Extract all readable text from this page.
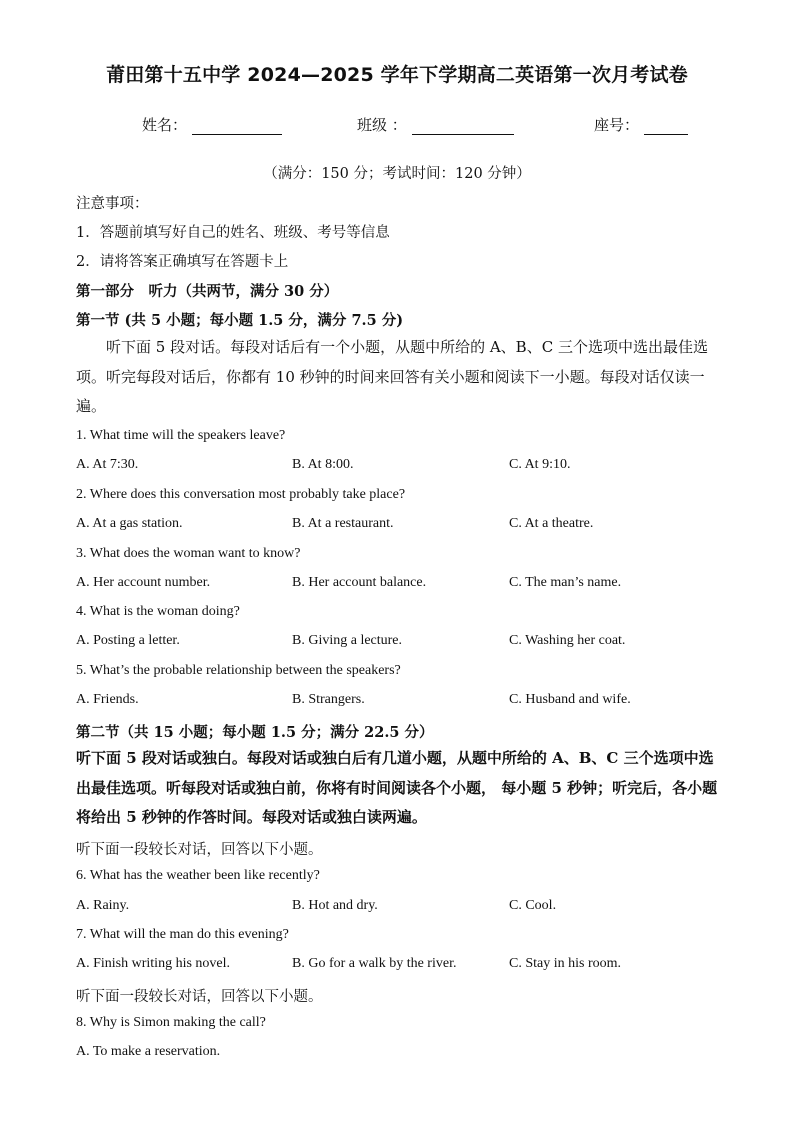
莆田第十五中学 2024—2025 学年下学期高二英语第一次月考试卷
姓名：	班级 ：	座号：
（满分：150 分；考试时间：120 分钟）
注意事项：
1．答题前填写好自己的姓名、班级、考号等信息
2．请将答案正确填写在答题卡上
第一部分　听力（共两节，满分 30 分）
第一节 (共 5 小题；每小题 1.5 分，满分 7.5 分)
听下面 5 段对话。每段对话后有一个小题，从题中所给的 A、B、C 三个选项中选出最佳选项。听完每段对话后，你都有 10 秒钟的时间来回答有关小题和阅读下一小题。每段对话仅读一遍。
1. What time will the speakers leave?
A. At 7:30.	B. At 8:00.	C. At 9:10.
2. Where does this conversation most probably take place?
A. At a gas station.	B. At a restaurant.	C. At a theatre.
3. What does the woman want to know?
A. Her account number.	B. Her account balance.	C. The man’s name.
4. What is the woman doing?
A. Posting a letter.	B. Giving a lecture.	C. Washing her coat.
5. What’s the probable relationship between the speakers?
A. Friends.	B. Strangers.	C. Husband and wife.
第二节（共 15 小题；每小题 1.5 分；满分 22.5 分）
听下面 5 段对话或独白。每段对话或独白后有几道小题，从题中所给的 A、B、C 三个选项中选出最佳选项。听每段对话或独白前，你将有时间阅读各个小题， 每小题 5 秒钟；听完后，各小题将给出 5 秒钟的作答时间。每段对话或独白读两遍。
听下面一段较长对话，回答以下小题。
6. What has the weather been like recently?
A. Rainy.	B. Hot and dry.	C. Cool.
7. What will the man do this evening?
A. Finish writing his novel.	B. Go for a walk by the river.	C. Stay in his room.
听下面一段较长对话，回答以下小题。
8. Why is Simon making the call?
A. To make a reservation.
